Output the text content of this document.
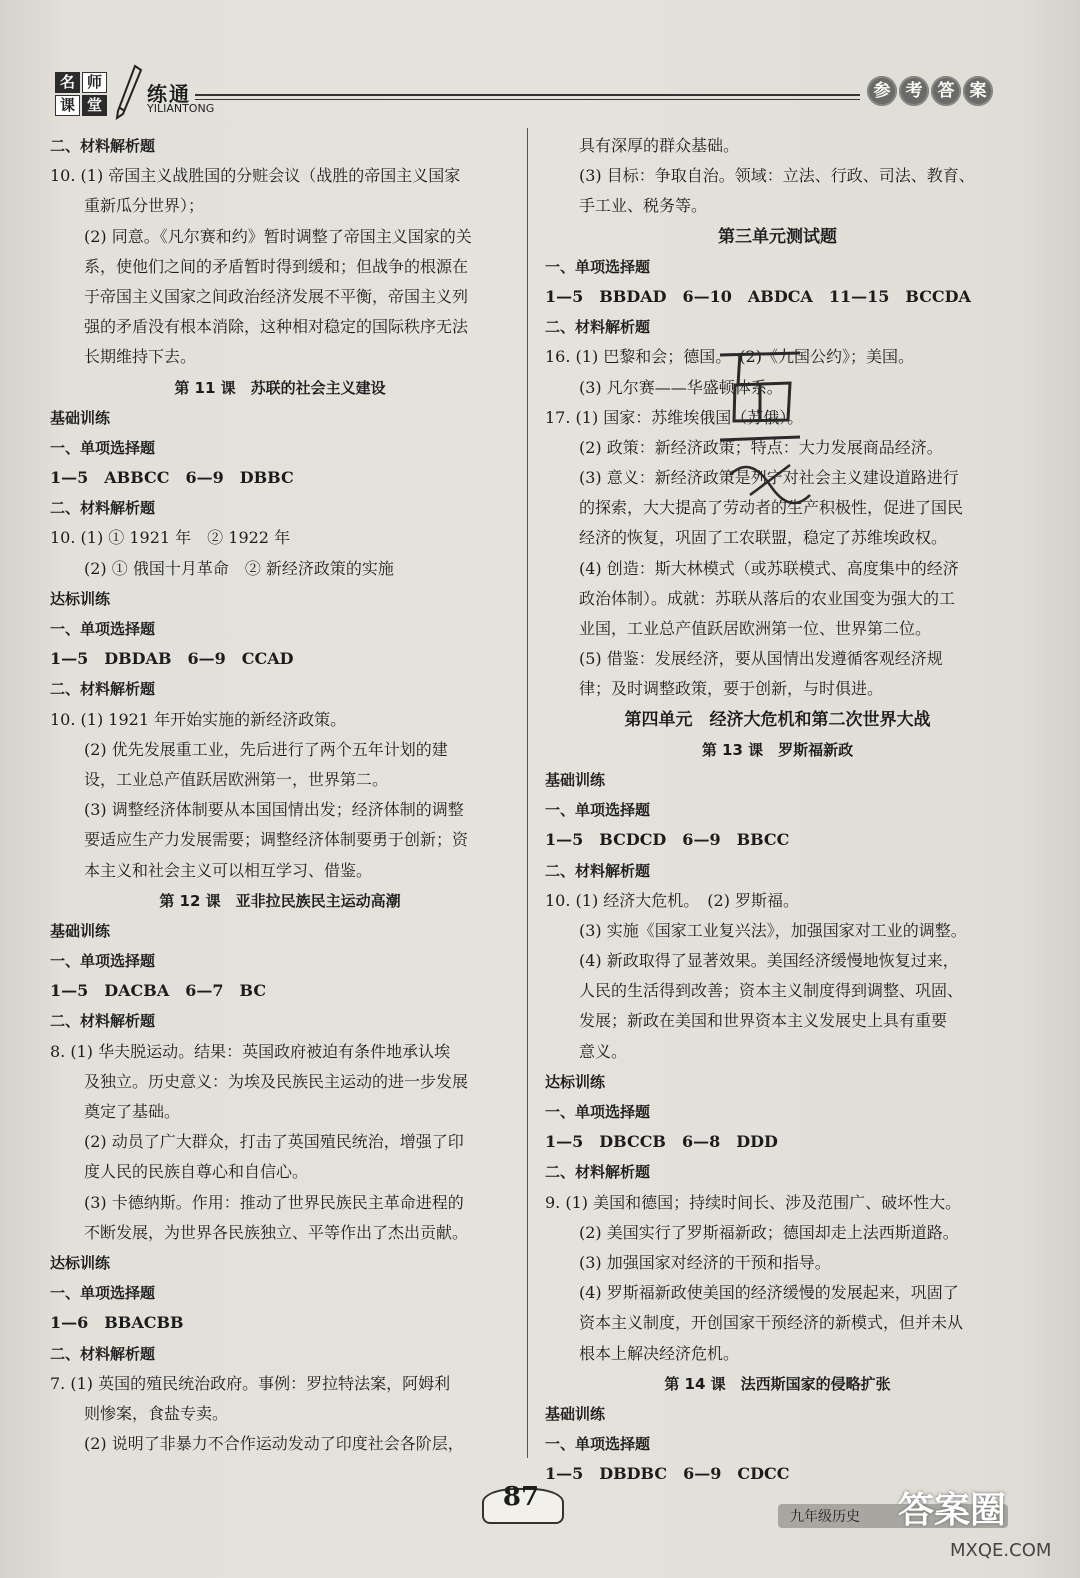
名 师
课 堂 练通
YILIANTONG
参 考 答 案
二、材料解析题
10. (1) 帝国主义战胜国的分赃会议（战胜的帝国主义国家
重新瓜分世界）；
(2) 同意。《凡尔赛和约》暂时调整了帝国主义国家的关
系，使他们之间的矛盾暂时得到缓和；但战争的根源在
于帝国主义国家之间政治经济发展不平衡，帝国主义列
强的矛盾没有根本消除，这种相对稳定的国际秩序无法
长期维持下去。
第 11 课　苏联的社会主义建设
基础训练
一、单项选择题
1—5　ABBCC　6—9　DBBC
二、材料解析题
10. (1) ① 1921 年　② 1922 年
(2) ① 俄国十月革命　② 新经济政策的实施
达标训练
一、单项选择题
1—5　DBDAB　6—9　CCAD
二、材料解析题
10. (1) 1921 年开始实施的新经济政策。
(2) 优先发展重工业，先后进行了两个五年计划的建
设，工业总产值跃居欧洲第一，世界第二。
(3) 调整经济体制要从本国国情出发；经济体制的调整
要适应生产力发展需要；调整经济体制要勇于创新；资
本主义和社会主义可以相互学习、借鉴。
第 12 课　亚非拉民族民主运动高潮
基础训练
一、单项选择题
1—5　DACBA　6—7　BC
二、材料解析题
8. (1) 华夫脱运动。结果：英国政府被迫有条件地承认埃
及独立。历史意义：为埃及民族民主运动的进一步发展
奠定了基础。
(2) 动员了广大群众，打击了英国殖民统治，增强了印
度人民的民族自尊心和自信心。
(3) 卡德纳斯。作用：推动了世界民族民主革命进程的
不断发展，为世界各民族独立、平等作出了杰出贡献。
达标训练
一、单项选择题
1—6　BBACBB
二、材料解析题
7. (1) 英国的殖民统治政府。事例：罗拉特法案，阿姆利
则惨案，食盐专卖。
(2) 说明了非暴力不合作运动发动了印度社会各阶层，
具有深厚的群众基础。
(3) 目标：争取自治。领域：立法、行政、司法、教育、
手工业、税务等。
第三单元测试题
一、单项选择题
1—5　BBDAD　6—10　ABDCA　11—15　BCCDA
二、材料解析题
16. (1) 巴黎和会；德国。　(2)《九国公约》；美国。
(3) 凡尔赛——华盛顿体系。
17. (1) 国家：苏维埃俄国（苏俄）。
(2) 政策：新经济政策；特点：大力发展商品经济。
(3) 意义：新经济政策是列宁对社会主义建设道路进行
的探索，大大提高了劳动者的生产积极性，促进了国民
经济的恢复，巩固了工农联盟，稳定了苏维埃政权。
(4) 创造：斯大林模式（或苏联模式、高度集中的经济
政治体制）。成就：苏联从落后的农业国变为强大的工
业国，工业总产值跃居欧洲第一位、世界第二位。
(5) 借鉴：发展经济，要从国情出发遵循客观经济规
律；及时调整政策，要于创新，与时俱进。
第四单元　经济大危机和第二次世界大战
第 13 课　罗斯福新政
基础训练
一、单项选择题
1—5　BCDCD　6—9　BBCC
二、材料解析题
10. (1) 经济大危机。　(2) 罗斯福。
(3) 实施《国家工业复兴法》，加强国家对工业的调整。
(4) 新政取得了显著效果。美国经济缓慢地恢复过来，
人民的生活得到改善；资本主义制度得到调整、巩固、
发展；新政在美国和世界资本主义发展史上具有重要
意义。
达标训练
一、单项选择题
1—5　DBCCB　6—8　DDD
二、材料解析题
9. (1) 美国和德国；持续时间长、涉及范围广、破坏性大。
(2) 美国实行了罗斯福新政；德国却走上法西斯道路。
(3) 加强国家对经济的干预和指导。
(4) 罗斯福新政使美国的经济缓慢的发展起来，巩固了
资本主义制度，开创国家干预经济的新模式，但并未从
根本上解决经济危机。
第 14 课　法西斯国家的侵略扩张
基础训练
一、单项选择题
1—5　DBDBC　6—9　CDCC
87
九年级历史 答案圈
MXQE.COM
